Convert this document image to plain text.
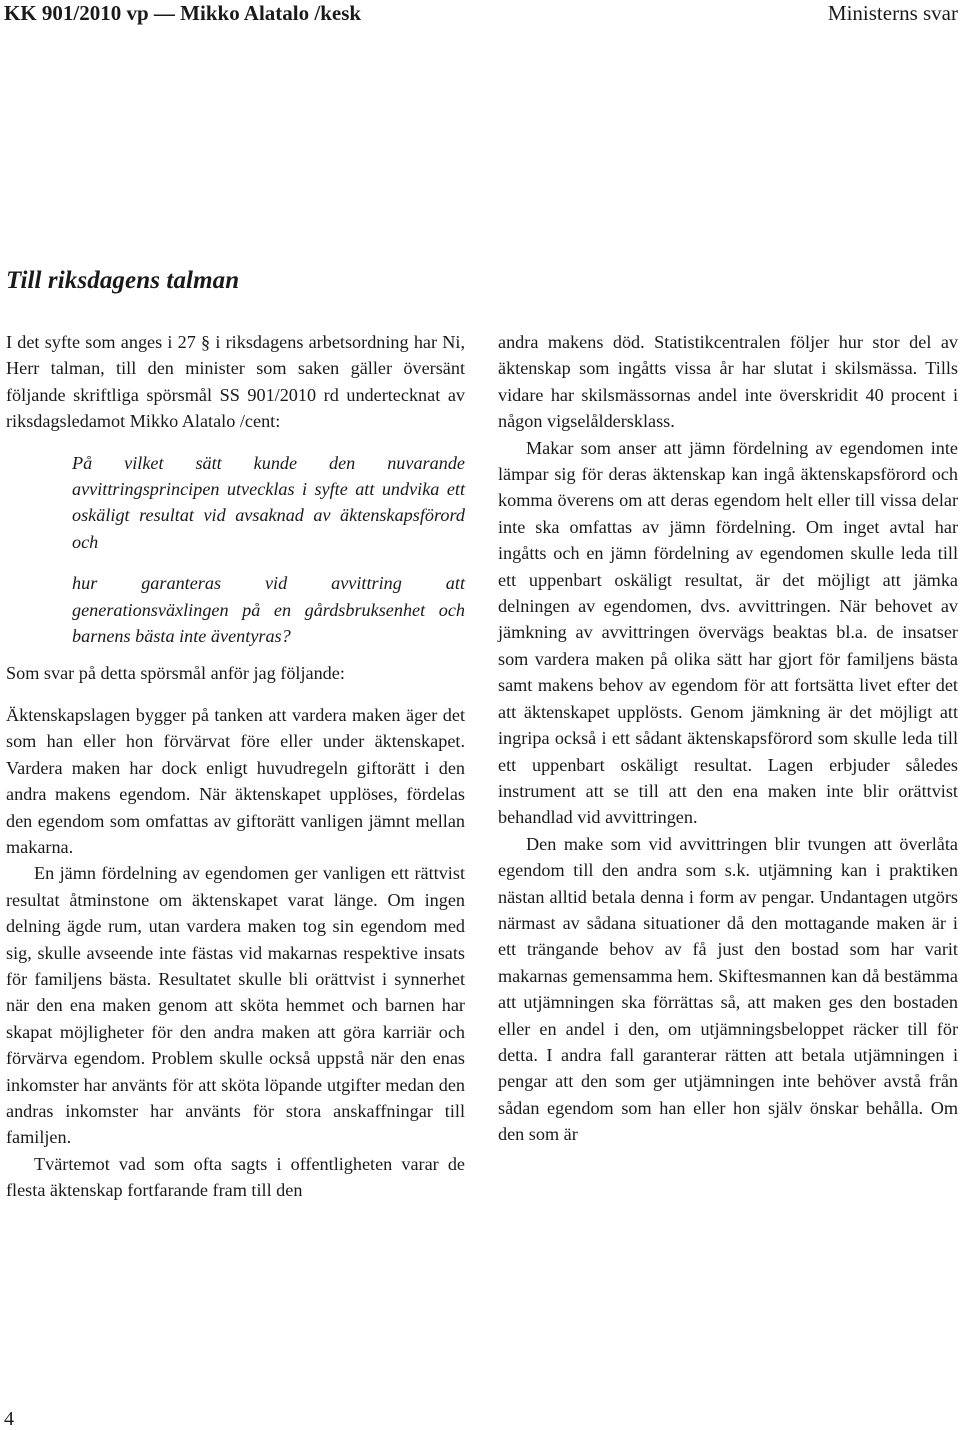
KK 901/2010 vp — Mikko Alatalo /kesk	Ministerns svar
Till riksdagens talman

I det syfte som anges i 27 § i riksdagens arbetsordning har Ni, Herr talman, till den minister som saken gäller översänt följande skriftliga spörsmål SS 901/2010 rd undertecknat av riksdagsledamot Mikko Alatalo /cent:

På vilket sätt kunde den nuvarande avvittringsprincipen utvecklas i syfte att undvika ett oskäligt resultat vid avsaknad av äktenskapsförord och

hur garanteras vid avvittring att generationsväxlingen på en gårdsbruksenhet och barnens bästa inte äventyras?

Som svar på detta spörsmål anför jag följande:

Äktenskapslagen bygger på tanken att vardera maken äger det som han eller hon förvärvat före eller under äktenskapet. Vardera maken har dock enligt huvudregeln giftorätt i den andra makens egendom. När äktenskapet upplöses, fördelas den egendom som omfattas av giftorätt vanligen jämnt mellan makarna.

En jämn fördelning av egendomen ger vanligen ett rättvist resultat åtminstone om äktenskapet varat länge. Om ingen delning ägde rum, utan vardera maken tog sin egendom med sig, skulle avseende inte fästas vid makarnas respektive insats för familjens bästa. Resultatet skulle bli orättvist i synnerhet när den ena maken genom att sköta hemmet och barnen har skapat möjligheter för den andra maken att göra karriär och förvärva egendom. Problem skulle också uppstå när den enas inkomster har använts för att sköta löpande utgifter medan den andras inkomster har använts för stora anskaffningar till familjen.

Tvärtemot vad som ofta sagts i offentligheten varar de flesta äktenskap fortfarande fram till den

andra makens död. Statistikcentralen följer hur stor del av äktenskap som ingåtts vissa år har slutat i skilsmässa. Tills vidare har skilsmässornas andel inte överskridit 40 procent i någon vigselåldersklass.

Makar som anser att jämn fördelning av egendomen inte lämpar sig för deras äktenskap kan ingå äktenskapsförord och komma överens om att deras egendom helt eller till vissa delar inte ska omfattas av jämn fördelning. Om inget avtal har ingåtts och en jämn fördelning av egendomen skulle leda till ett uppenbart oskäligt resultat, är det möjligt att jämka delningen av egendomen, dvs. avvittringen. När behovet av jämkning av avvittringen övervägs beaktas bl.a. de insatser som vardera maken på olika sätt har gjort för familjens bästa samt makens behov av egendom för att fortsätta livet efter det att äktenskapet upplösts. Genom jämkning är det möjligt att ingripa också i ett sådant äktenskapsförord som skulle leda till ett uppenbart oskäligt resultat. Lagen erbjuder således instrument att se till att den ena maken inte blir orättvist behandlad vid avvittringen.

Den make som vid avvittringen blir tvungen att överlåta egendom till den andra som s.k. utjämning kan i praktiken nästan alltid betala denna i form av pengar. Undantagen utgörs närmast av sådana situationer då den mottagande maken är i ett trängande behov av få just den bostad som har varit makarnas gemensamma hem. Skiftesmannen kan då bestämma att utjämningen ska förrättas så, att maken ges den bostaden eller en andel i den, om utjämningsbeloppet räcker till för detta. I andra fall garanterar rätten att betala utjämningen i pengar att den som ger utjämningen inte behöver avstå från sådan egendom som han eller hon själv önskar behålla. Om den som är

4
